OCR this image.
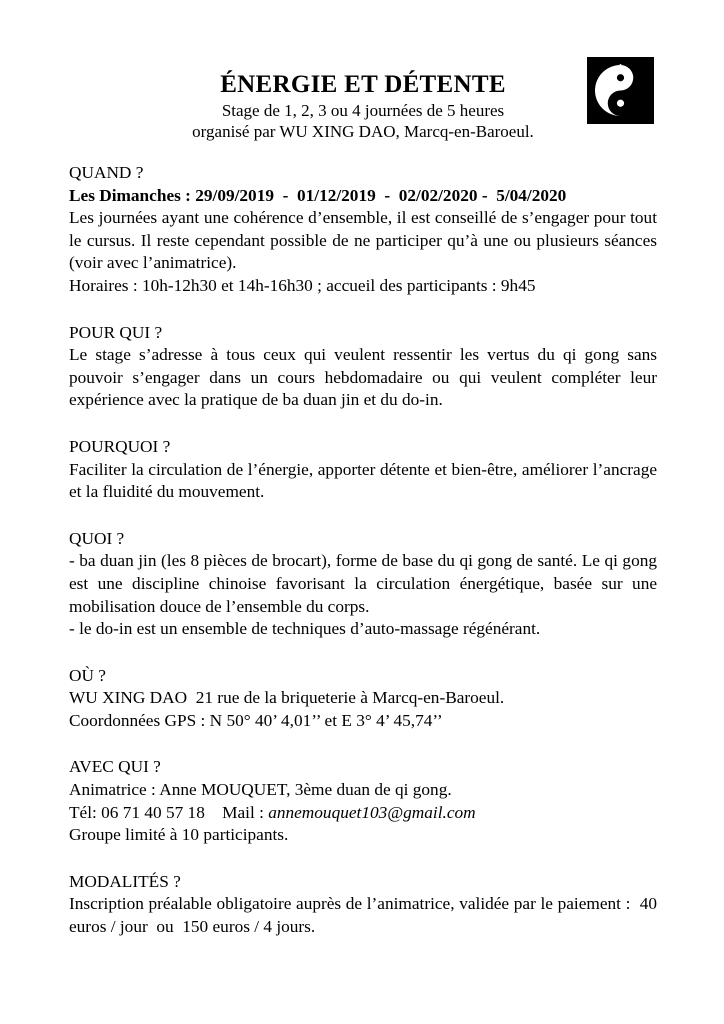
ÉNERGIE ET DÉTENTE

Stage de 1, 2, 3 ou 4 journées de 5 heures

organisé par WU XING DAO, Marcq-en-Baroeul.

QUAND ?

Les Dimanches : 29/09/2019  -  01/12/2019  -  02/02/2020 -  5/04/2020

Les journées ayant une cohérence d’ensemble, il est conseillé de s’engager pour tout le cursus. Il reste cependant possible de ne participer qu’à une ou plusieurs séances (voir avec l’animatrice).

Horaires : 10h-12h30 et 14h-16h30 ; accueil des participants : 9h45

POUR QUI ?

Le stage s’adresse à tous ceux qui veulent ressentir les vertus du qi gong sans pouvoir s’engager dans un cours hebdomadaire ou qui veulent compléter leur expérience avec la pratique de ba duan jin et du do-in.

POURQUOI ?

Faciliter la circulation de l’énergie, apporter détente et bien-être, améliorer l’ancrage et la fluidité du mouvement.

QUOI ?

- ba duan jin (les 8 pièces de brocart), forme de base du qi gong de santé. Le qi gong est une discipline chinoise favorisant la circulation énergétique, basée sur une mobilisation douce de l’ensemble du corps.

- le do-in est un ensemble de techniques d’auto-massage régénérant.

OÙ ?

WU XING DAO  21 rue de la briqueterie à Marcq-en-Baroeul.

Coordonnées GPS : N 50° 40’ 4,01’’ et E 3° 4’ 45,74’’

AVEC QUI ?

Animatrice : Anne MOUQUET, 3ème duan de qi gong.

Tél: 06 71 40 57 18 Mail : annemouquet103@gmail.com

Groupe limité à 10 participants.

MODALITÉS ?

Inscription préalable obligatoire auprès de l’animatrice, validée par le paiement :  40 euros / jour  ou  150 euros / 4 jours.
